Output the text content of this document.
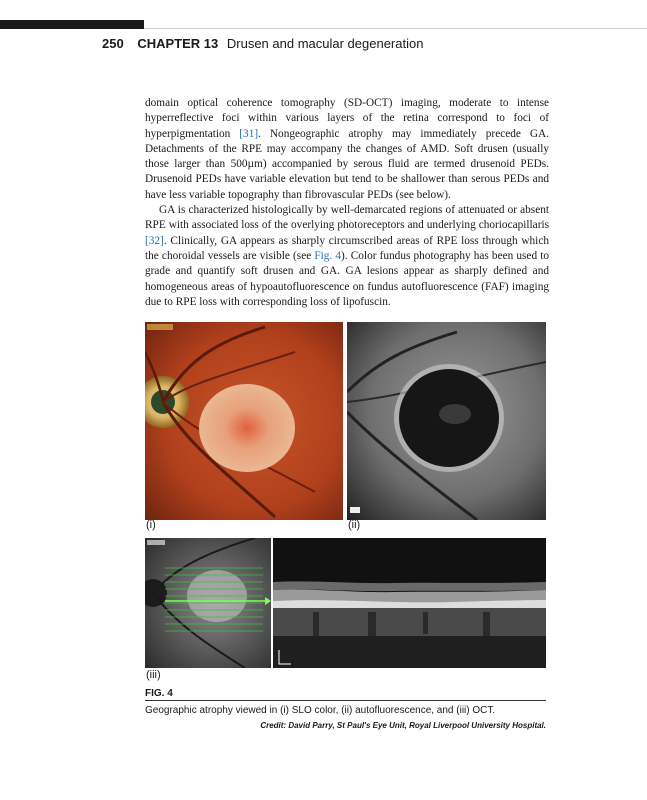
250 CHAPTER 13 Drusen and macular degeneration

domain optical coherence tomography (SD-OCT) imaging, moderate to intense hyperreflective foci within various layers of the retina correspond to foci of hyperpigmentation [31]. Nongeographic atrophy may immediately precede GA. Detachments of the RPE may accompany the changes of AMD. Soft drusen (usually those larger than 500µm) accompanied by serous fluid are termed drusenoid PEDs. Drusenoid PEDs have variable elevation but tend to be shallower than serous PEDs and have less variable topography than fibrovascular PEDs (see below).

GA is characterized histologically by well-demarcated regions of attenuated or absent RPE with associated loss of the overlying photoreceptors and underlying choriocapillaris [32]. Clinically, GA appears as sharply circumscribed areas of RPE loss through which the choroidal vessels are visible (see Fig. 4). Color fundus photography has been used to grade and quantify soft drusen and GA. GA lesions appear as sharply defined and homogeneous areas of hypoautofluorescence on fundus autofluorescence (FAF) imaging due to RPE loss with corresponding loss of lipofuscin.

(i)	(ii)
(iii)
FIG. 4
Geographic atrophy viewed in (i) SLO color, (ii) autofluorescence, and (iii) OCT.
Credit: David Parry, St Paul's Eye Unit, Royal Liverpool University Hospital.
